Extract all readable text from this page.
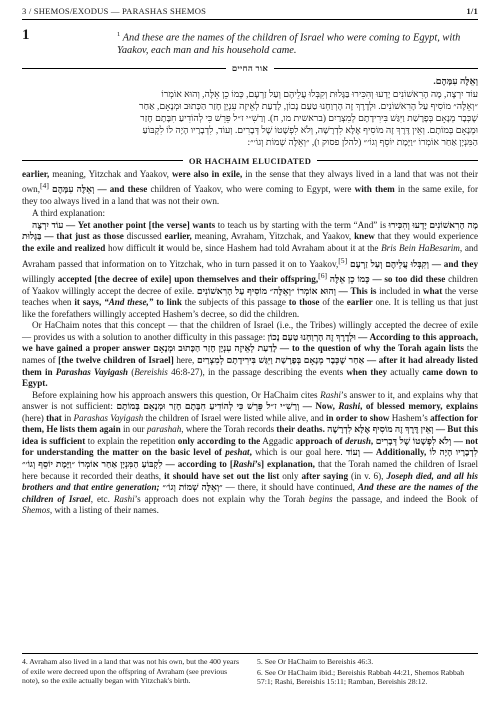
3 / SHEMOS/EXODUS — PARASHAS SHEMOS	1/1
1	$^1$ And these are the names of the children of Israel who were coming to Egypt, with Yaakov, each man and his household came.
אור החיים

וְאֵלֶּה עִמָּהֶם.

עוֹד יִרְצֶה, מָה הָרִאשׁוֹנִים יָדְעוּ וְהִכִּירוּ בַּגָּלוּת וְקִבְּלוּ עֲלֵיהֶם וְעַל זַרְעָם, כְּמוֹ כֵן אֵלֶּה, וְהוּא אוֹמְרוֹ

״וְאֵלֶּה״ מוֹסִיף עַל הָרִאשׁוֹנִים. וּלְדֶרֶךְ זֶה הָרְוַחְנוּ טַעַם נָכוֹן, לָדַעַת לְאֵיזֶה עִנְיָן חָזַר הַכָּתוּב וּמְנָאָם, אַחַר

שֶׁכְּבָר מְנָאָם בְּפָרָשַׁת וַיִּגַּשׁ בִּירִידָתָם לְמִצְרַיִם (בראשית מו, ח). וְרַשִׁ״י ז״ל פֵּרֵשׁ כִּי לְהוֹדִיעַ חִבָּתָם חָזַר

וּמְנָאָם בְּמוֹתָם. וְאֵין דֶּרֶךְ זֶה מוֹסִיף אֶלָּא לִדְרָשָׁה, וְלֹא לִפְשָׁטוֹ שֶׁל דְּבָרִים. וְעוֹד, לִדְבָרָיו הָיָה לוֹ לִקְבּוֹעַ

הַמִּנְיָן אַחַר אוֹמְרוֹ ״וַיָּמָת יוֹסֵף וְגוֹ׳״ (להלן פסוק ו), ״וְאֵלֶּה שְׁמוֹת וְגוֹ׳״:

OR HACHAIM ELUCIDATED

earlier, meaning, Yitzchak and Yaakov, were also in exile, in the sense that they always lived in a land that was not their own,[4] וְאֵלֶּה עִמָּהֶם — and these children of Yaakov, who were coming to Egypt, were with them in the same exile, for they too always lived in a land that was not their own.

A third explanation:

עוֹד יִרְצֶה — Yet another point [the verse] wants to teach us by starting with the term “And” is מָה הָרִאשׁוֹנִים יָדְעוּ וְהִכִּירוּ בַּגָּלוּת — that just as those discussed earlier, meaning, Avraham, Yitzchak, and Yaakov, knew that they would experience the exile and realized how difficult it would be, since Hashem had told Avraham about it at the Bris Bein HaBesarim, and Avraham passed that information on to Yitzchak, who in turn passed it on to Yaakov,[5] וְקִבְּלוּ עֲלֵיהֶם וְעַל זַרְעָם — and they willingly accepted [the decree of exile] upon themselves and their offspring,[6] כְּמוֹ כֵן אֵלֶּה — so too did these children of Yaakov willingly accept the decree of exile. וְהוּא אוֹמְרוֹ ״וְאֵלֶּה״ מוֹסִיף עַל הָרִאשׁוֹנִים — This is included in what the verse teaches when it says, “And these,” to link the subjects of this passage to those of the earlier one. It is telling us that just like the forefathers willingly accepted Hashem’s decree, so did the children.

Or HaChaim notes that this concept — that the children of Israel (i.e., the Tribes) willingly accepted the decree of exile — provides us with a solution to another difficulty in this passage: וּלְדֶרֶךְ זֶה הָרְוַחְנוּ טַעַם נָכוֹן — According to this approach, we have gained a proper answer לָדַעַת לְאֵיזֶה עִנְיָן חָזַר הַכָּתוּב וּמְנָאָם — to the question of why the Torah again lists the names of [the twelve children of Israel] here, אַחַר שֶׁכְּבָר מְנָאָם בְּפָרָשַׁת וַיִּגַּשׁ בִּירִידָתָם לְמִצְרַיִם — after it had already listed them in Parashas Vayigash (Bereishis 46:8-27), in the passage describing the events when they actually came down to Egypt.

Before explaining how his approach answers this question, Or HaChaim cites Rashi’s answer to it, and explains why that answer is not sufficient: וְרַשִׁ״י ז״ל פֵּרֵשׁ כִּי לְהוֹדִיעַ חִבָּתָם חָזַר וּמְנָאָם בְּמוֹתָם — Now, Rashi, of blessed memory, explains (here) that in Parashas Vayigash the children of Israel were listed while alive, and in order to show Hashem’s affection for them, He lists them again in our parashah, where the Torah records their deaths. וְאֵין דֶּרֶךְ זֶה מוֹסִיף אֶלָּא לִדְרָשָׁה — But this idea is sufficient to explain the repetition only according to the Aggadic approach of derush, וְלֹא לִפְשָׁטוֹ שֶׁל דְּבָרִים — not for understanding the matter on the basic level of peshat, which is our goal here. וְעוֹד — Additionally, לִדְבָרָיו הָיָה לוֹ לִקְבּוֹעַ הַמִּנְיָן אַחַר אוֹמְרוֹ ״וַיָּמָת יוֹסֵף וְגוֹ׳״ — according to [Rashi’s] explanation, that the Torah named the children of Israel here because it recorded their deaths, it should have set out the list only after saying (in v. 6), Joseph died, and all his brothers and that entire generation; ״וְאֵלֶּה שְׁמוֹת וְגוֹ׳״ — there, it should have continued, And these are the names of the children of Israel, etc. Rashi’s approach does not explain why the Torah begins the passage, and indeed the Book of Shemos, with a listing of their names.

4. Avraham also lived in a land that was not his own, but the 400 years of exile were decreed upon the offspring of Avraham (see previous note), so the exile actually began with Yitzchak's birth.

5. See Or HaChaim to Bereishis 46:3.

6. See Or HaChaim ibid.; Bereishis Rabbah 44:21, Shemos Rabbah 57:1; Rashi, Bereishis 15:11; Ramban, Bereishis 28:12.
